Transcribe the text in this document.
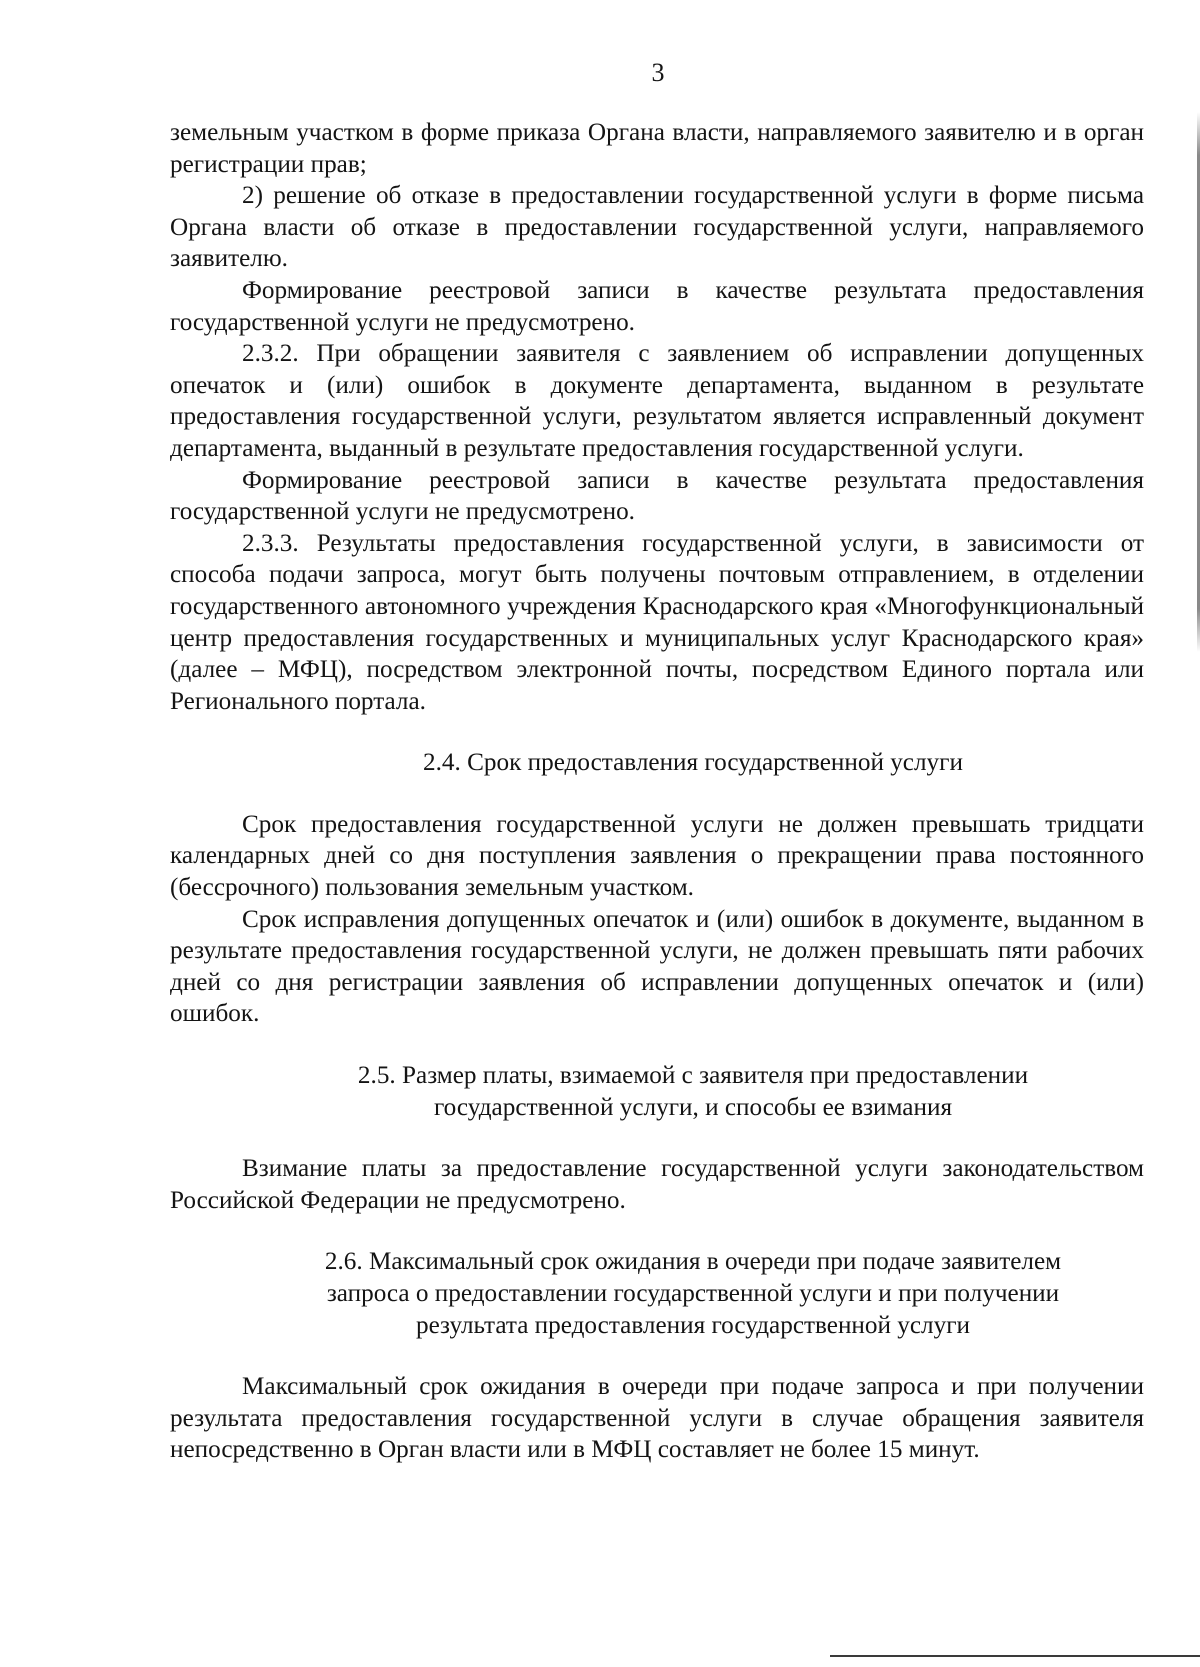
3

земельным участком в форме приказа Органа власти, направляемого заявителю и в орган регистрации прав;

2) решение об отказе в предоставлении государственной услуги в форме письма Органа власти об отказе в предоставлении государственной услуги, направляемого заявителю.

Формирование реестровой записи в качестве результата предоставления государственной услуги не предусмотрено.

2.3.2. При обращении заявителя с заявлением об исправлении допущенных опечаток и (или) ошибок в документе департамента, выданном в результате предоставления государственной услуги, результатом является исправленный документ департамента, выданный в результате предоставления государственной услуги.

Формирование реестровой записи в качестве результата предоставления государственной услуги не предусмотрено.

2.3.3. Результаты предоставления государственной услуги, в зависимости от способа подачи запроса, могут быть получены почтовым отправлением, в отделении государственного автономного учреждения Краснодарского края «Многофункциональный центр предоставления государственных и муниципальных услуг Краснодарского края» (далее – МФЦ), посредством электронной почты, посредством Единого портала или Регионального портала.

2.4. Срок предоставления государственной услуги

Срок предоставления государственной услуги не должен превышать тридцати календарных дней со дня поступления заявления о прекращении права постоянного (бессрочного) пользования земельным участком.

Срок исправления допущенных опечаток и (или) ошибок в документе, выданном в результате предоставления государственной услуги, не должен превышать пяти рабочих дней со дня регистрации заявления об исправлении допущенных опечаток и (или) ошибок.

2.5. Размер платы, взимаемой с заявителя при предоставлении
государственной услуги, и способы ее взимания

Взимание платы за предоставление государственной услуги законодательством Российской Федерации не предусмотрено.

2.6. Максимальный срок ожидания в очереди при подаче заявителем
запроса о предоставлении государственной услуги и при получении
результата предоставления государственной услуги

Максимальный срок ожидания в очереди при подаче запроса и при получении результата предоставления государственной услуги в случае обращения заявителя непосредственно в Орган власти или в МФЦ составляет не более 15 минут.
